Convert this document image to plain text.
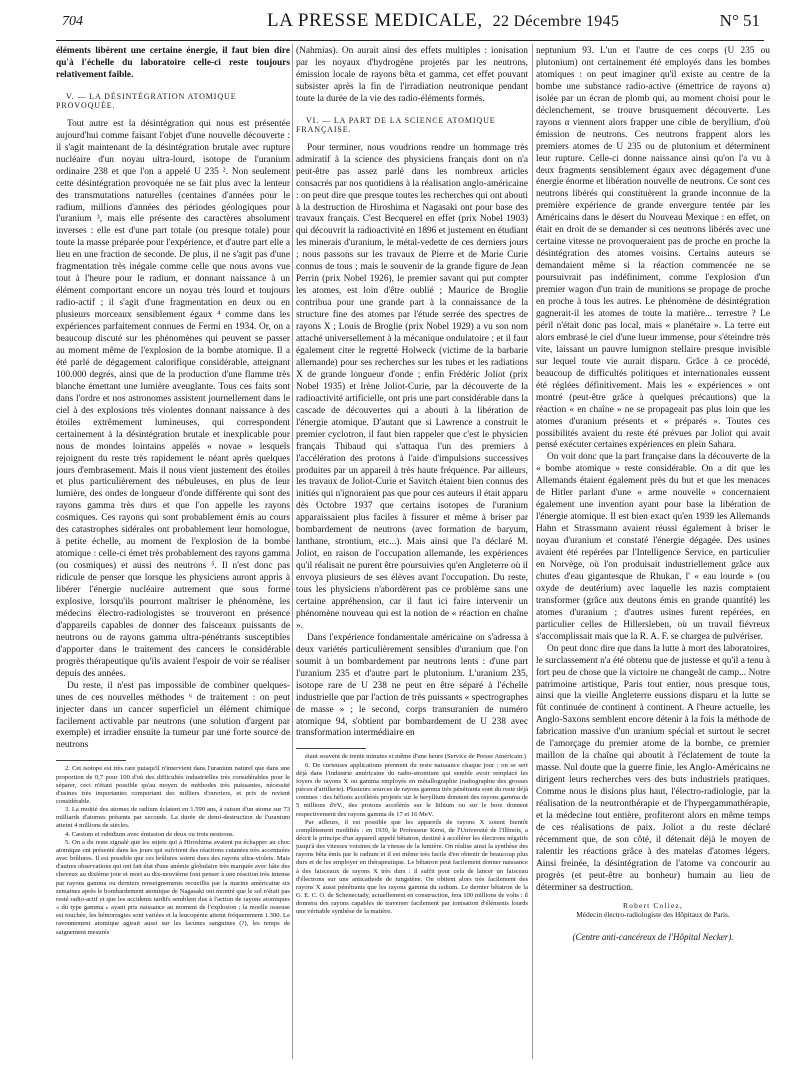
704	LA PRESSE MEDICALE, 22 Décembre 1945	N° 51

éléments libèrent une certaine énergie, il faut bien dire qu'à l'échelle du laboratoire celle-ci reste toujours relativement faible.

V. — LA DÉSINTÉGRATION ATOMIQUE PROVOQUÉE.

Tout autre est la désintégration qui nous est présentée aujourd'hui comme faisant l'objet d'une nouvelle découverte : il s'agit maintenant de la désintégration brutale avec rupture nucléaire d'un noyau ultra-lourd, isotope de l'uranium ordinaire 238 et que l'on a appelé U 235 ². Non seulement cette désintégration provoquée ne se fait plus avec la lenteur des transmutations naturelles (centaines d'années pour le radium, millions d'années des périodes géologiques pour l'uranium ³, mais elle présente des caractères absolument inverses : elle est d'une part totale (ou presque totale) pour toute la masse préparée pour l'expérience, et d'autre part elle a lieu en une fraction de seconde. De plus, il ne s'agit pas d'une fragmentation très inégale comme celle que nous avons vue tout à l'heure pour le radium, et donnant naissance à un élément comportant encore un noyau très lourd et toujours radio-actif ; il s'agit d'une fragmentation en deux ou en plusieurs morceaux sensiblement égaux ⁴ comme dans les expériences parfaitement connues de Fermi en 1934. Or, on a beaucoup discuté sur les phénomènes qui peuvent se passer au moment même de l'explosion de la bombe atomique. Il a été parlé de dégagement calorifique considérable, atteignant 100.000 degrés, ainsi que de la production d'une flamme très blanche émettant une lumière aveuglante. Tous ces faits sont dans l'ordre et nos astronomes assistent journellement dans le ciel à des explosions très violentes donnant naissance à des étoiles extrêmement lumineuses, qui correspondent certainement à la désintégration brutale et inexplicable pour nous de mondes lointains appelés « novae » lesquels rejoignent du reste très rapidement le néant après quelques jours d'embrasement. Mais il nous vient justement des étoiles et plus particulièrement des nébuleuses, en plus de leur lumière, des ondes de longueur d'onde différente qui sont des rayons gamma très durs et que l'on appelle les rayons cosmiques. Ces rayons qui sont probablement émis au cours des catastrophes sidérales ont probablement leur homologue, à petite échelle, au moment de l'explosion de la bombe atomique : celle-ci émet très probablement des rayons gamma (ou cosmiques) et aussi des neutrons ⁵. Il n'est donc pas ridicule de penser que lorsque les physiciens auront appris à libérer l'énergie nucléaire autrement que sous forme explosive, lorsqu'ils pourront maîtriser le phénomène, les médecins électro-radiologistes se trouveront en présence d'appareils capables de donner des faisceaux puissants de neutrons ou de rayons gamma ultra-pénétrants susceptibles d'apporter dans le traitement des cancers le considérable progrès thérapeutique qu'ils avaient l'espoir de voir se réaliser depuis des années.

Du reste, il n'est pas impossible de combiner quelques-unes de ces nouvelles méthodes ⁶ de traitement : on peut injecter dans un cancer superficiel un élément chimique facilement activable par neutrons (une solution d'argent par exemple) et irradier ensuite la tumeur par une forte source de neutrons

2. Cet isotope est très rare puisqu'il n'intervient dans l'uranium naturel que dans une proportion de 0,7 pour 100 d'où des difficultés industrielles très considérables pour le séparer, ceci n'étant possible qu'au moyen de méthodes très puissantes, nécessité d'usines très importantes comportant des milliers d'ouvriers, et prix de revient considérable.

3. La moitié des atomes de radium éclatent en 1.590 ans, à raison d'un atome sur 73 milliards d'atomes présents par seconde. La durée de demi-destruction de l'uranium atteint 4 millions de siècles.

4. Cæsium et rubidium avec émission de deux ou trois neutrons.

5. On a du reste signalé que les sujets qui à Hiroshima avaient pu échapper au choc atomique ont présenté dans les jours qui suivirent des réactions cutanées très accentuées avec brûlures. Il est possible que ces brûlures soient dues des rayons ultra-violets. Mais d'autres observations qui ont fait état d'une anémie globulaire très marquée avec hâte des cheveux au dixième jour et mort au dix-neuvième font penser à une réaction très intense par rayons gamma ou derniers renseignements recueillis par la marine américaine six semaines après le bombardement atomique de Nagasaki ont montré que le sol n'était pas resté radio-actif et que les accidents tardifs semblent dus à l'action de rayons atomiques « du type gamma » ayant pris naissance au moment de l'explosion ; la moelle osseuse est touchée, les hémorragies sont variées et la leucopénie atteint fréquemment 1.300. Le ravonnement atomique agirait aussi sur les lacunes sanguines (?), les temps de saignement mesurés

(Nahmias). On aurait ainsi des effets multiples : ionisation par les noyaux d'hydrogène projetés par les neutrons, émission locale de rayons bêta et gamma, cet effet pouvant subsister après la fin de l'irradiation neutronique pendant toute la durée de la vie des radio-éléments formés.

VI. — LA PART DE LA SCIENCE ATOMIQUE FRANÇAISE.

Pour terminer, nous voudrions rendre un hommage très admiratif à la science des physiciens français dont on n'a peut-être pas assez parlé dans les nombreux articles consacrés par nos quotidiens à la réalisation anglo-américaine : on peut dire que presque toutes les recherches qui ont abouti à la destruction de Hiroshima et Nagasaki ont pour base des travaux français. C'est Becquerel en effet (prix Nobel 1903) qui découvrit la radioactivité en 1896 et justement en étudiant les minerais d'uranium, le métal-vedette de ces derniers jours ; nous passons sur les travaux de Pierre et de Marie Curie connus de tous ; mais le souvenir de la grande figure de Jean Perrin (prix Nobel 1926), le premier savant qui put compter les atomes, est loin d'être oublié ; Maurice de Broglie contribua pour une grande part à la connaissance de la structure fine des atomes par l'étude serrée des spectres de rayons X ; Louis de Broglie (prix Nobel 1929) a vu son nom attaché universellement à la mécanique ondulatoire ; et il faut également citer le regretté Holweck (victime de la barbarie allemande) pour ses recherches sur les tubes et les radiations X de grande longueur d'onde ; enfin Frédéric Joliot (prix Nobel 1935) et Irène Joliot-Curie, par la découverte de la radioactivité artificielle, ont pris une part considérable dans la cascade de découvertes qui a abouti à la libération de l'énergie atomique. D'autant que si Lawrence a construit le premier cyclotron, il faut bien rappeler que c'est le physicien français Thibaud qui s'attaqua l'un des premiers à l'accélération des protons à l'aide d'impulsions successives produites par un appareil à très haute fréquence. Par ailleurs, les travaux de Joliot-Curie et Savitch étaient bien connus des initiés qui n'ignoraient pas que pour ces auteurs il était apparu dès Octobre 1937 que certains isotopes de l'uranium apparaissaient plus faciles à fissurer et même à briser par bombardement de neutrons (avec formation de baryum, lanthane, strontium, etc...). Mais ainsi que l'a déclaré M. Joliot, en raison de l'occupation allemande, les expériences qu'il réalisait ne purent être poursuivies qu'en Angleterre où il envoya plusieurs de ses élèves avant l'occupation. Du reste, tous les physiciens n'abordèrent pas ce problème sans une certaine appréhension, car il faut ici faire intervenir un phénomène nouveau qui est la notion de « réaction en chaîne ».

Dans l'expérience fondamentale américaine on s'adressa à deux variétés particulièrement sensibles d'uranium que l'on soumit à un bombardement par neutrons lents : d'une part l'uranium 235 et d'autre part le plutonium. L'uranium 235, isotope rare de U 238 ne peut en être séparé à l'échelle industrielle que par l'action de très puissants « spectrographes de masse » ; le second, corps transuranien de numéro atomique 94, s'obtient par bombardement de U 238 avec transformation intermédiaire en

étant souvent de trente minutes et même d'une heure (Service de Presse Américain.)

6. De curieuses applications prennent du reste naissance chaque jour : on se sert déjà dans l'industrie américaine du radio-strontium qui semble avoir remplacé les foyers de rayons X ou gamma employés en métallographie (radiographie des grosses pièces d'artillerie). Plusieurs sources de rayons gamma très pénétrants sont du reste déjà connues : des hélions accélérés projetés sur le beryllium donnent des rayons gamma de 5 millions d'eV., des protons accélérés sur le lithium ou sur le bore donnent respectivement des rayons gamma de 17 et 16 MeV.

Par ailleurs, il est possible que les appareils de rayons X soient bientôt complètement modifiés : en 1939, le Professeur Kerst, de l'Université de l'Illinois, a décrit le principe d'un appareil appelé bêtatron, destiné à accélérer les électrons négatifs jusqu'à des vitesses voisines de la vitesse de la lumière. On réalise ainsi la synthèse des rayons bêta émis par le radium et il est même très facile d'en obtenir de beaucoup plus durs et de les employer en thérapeutique. Le bêtatron peut facilement donner naissance à des faisceaux de rayons X très durs : il suffit pour cela de lancer un faisceau d'électrons sur une anticathode de tungstène. On obtient alors très facilement des rayons X aussi pénétrants que les rayons gamma du radium. Le dernier bêtatron de la G. E. C. O. de Schenectady, actuellement en construction, fera 100 millions de volts : il donnera des rayons capables de traverser facilement par ionisation d'éléments lourds une véritable synthèse de la matière.

neptunium 93. L'un et l'autre de ces corps (U 235 ou plutonium) ont certainement été employés dans les bombes atomiques : on peut imaginer qu'il existe au centre de la bombe une substance radio-active (émettrice de rayons α) isolée par un écran de plomb qui, au moment choisi pour le déclenchement, se trouve brusquement découverte. Les rayons α viennent alors frapper une cible de beryllium, d'où émission de neutrons. Ces neutrons frappent alors les premiers atomes de U 235 ou de plutonium et déterminent leur rupture. Celle-ci donne naissance ainsi qu'on l'a vu à deux fragments sensiblement égaux avec dégagement d'une énergie énorme et libération nouvelle de neutrons. Ce sont ces neutrons libérés qui constituèrent la grande inconnue de la première expérience de grande envergure tentée par les Américains dans le désert du Nouveau Mexique : en effet, on était en droit de se demander si ces neutrons libérés avec une certaine vitesse ne provoqueraient pas de proche en proche la désintégration des atomes voisins. Certains auteurs se demandaient même si la réaction commencée ne se poursuivrait pas indéfiniment, comme l'explosion d'un premier wagon d'un train de munitions se propage de proche en proche à tous les autres. Le phénomène de désintégration gagnerait-il les atomes de toute la matière... terrestre ? Le péril n'était donc pas local, mais « planétaire ». La terre eut alors embrasé le ciel d'une lueur immense, pour s'éteindre très vite, laissant un pauvre lumignon stellaire presque invisible sur lequel toute vie aurait disparu. Grâce à ce procédé, beaucoup de difficultés politiques et internationales eussent été réglées définitivement. Mais les « expériences » ont montré (peut-être grâce à quelques précautions) que la réaction « en chaîne » ne se propageait pas plus loin que les atomes d'uranium présents et « préparés ». Toutes ces possibilités avaient du reste été prévues par Joliot qui avait pensé exécuter certaines expériences en plein Sahara.

On voit donc que la part française dans la découverte de la « bombe atomique » reste considérable. On a dit que les Allemands étaient également près du but et que les menaces de Hitler parlant d'une « arme nouvelle » concernaient également une invention ayant pour base la libération de l'énergie atomique. Il est bien exact qu'en 1939 les Allemands Hahn et Strassmann avaient réussi également à briser le noyau d'uranium et constaté l'énergie dégagée. Des usines avaient été repérées par l'Intelligence Service, en particulier en Norvège, où l'on produisait industriellement grâce aux chutes d'eau gigantesque de Rhukan, l' « eau lourde » (ou oxyde de deutérium) avec laquelle les nazis comptaient transformer (grâce aux deutons émis en grande quantité) les atomes d'uranium ; d'autres usines furent repérées, en particulier celles de Hillersleben, où un travail fiévreux s'accomplissait mais que la R. A. F. se chargea de pulvériser.

On peut donc dire que dans la lutte à mort des laboratoires, le surclassement n'a été obtenu que de justesse et qu'il a tenu à fort peu de chose que la victoire ne changeât de camp... Notre patrimoine artistique, Paris tout entier, nous presque tous, ainsi que la vieille Angleterre eussions disparu et la lutte se fût continuée de continent à continent. A l'heure actuelle, les Anglo-Saxons semblent encore détenir à la fois la méthode de fabrication massive d'un uranium spécial et surtout le secret de l'amorçage du premier atome de la bombe, ce premier maillon de la chaîne qui aboutit à l'éclatement de toute la masse. Nul doute que la guerre finie, les Anglo-Américains ne dirigent leurs recherches vers des buts industriels pratiques. Comme nous le disions plus haut, l'électro-radiologie, par la réalisation de la neutronthérapie et de l'hypergammathérapie, et la médecine tout entière, profiteront alors en même temps de ces réalisations de paix. Joliot a du reste déclaré récemment que, de son côté, il détenait déjà le moyen de ralentir les réactions grâce à des matelas d'atomes légers. Ainsi freinée, la désintégration de l'atome va concourir au progrès (et peut-être au bonheur) humain au lieu de déterminer sa destruction.

Robert Coliez,

Médecin électro-radiologiste des Hôpitaux de Paris.

(Centre anti-cancéreux de l'Hôpital Necker).
